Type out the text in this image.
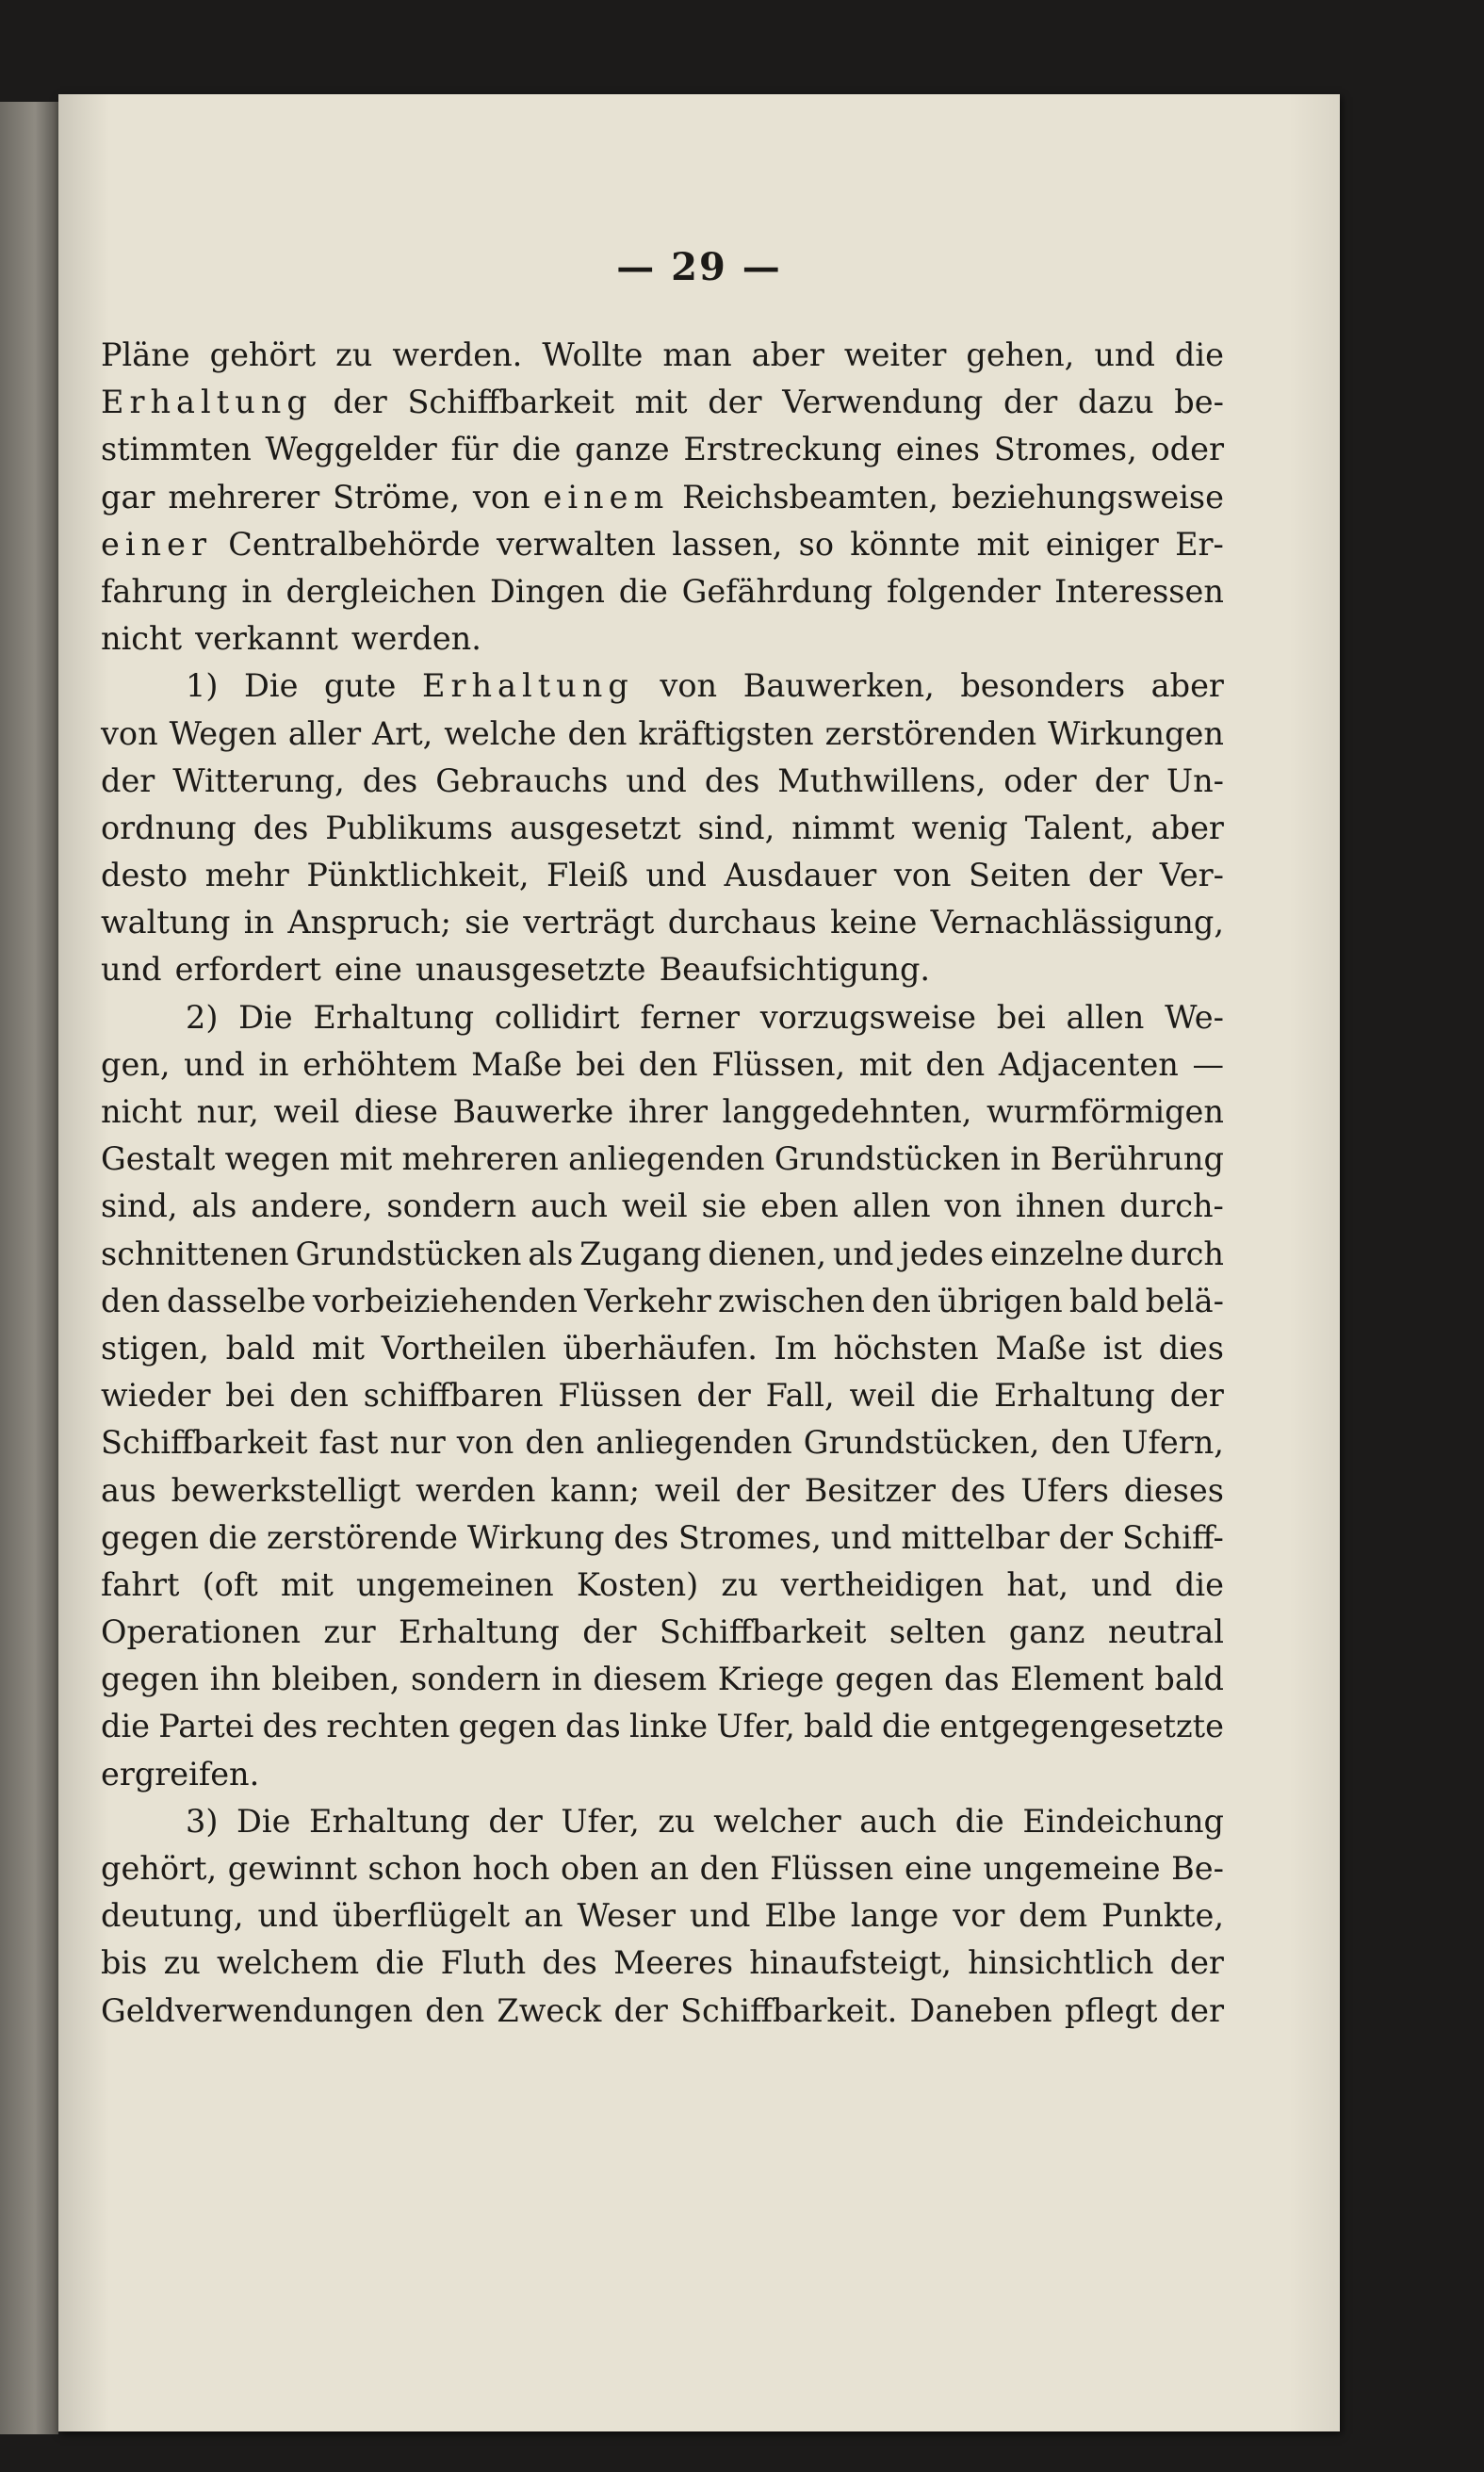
— 29 —
Pläne gehört zu werden. Wollte man aber weiter gehen, und die
Erhaltung der Schiffbarkeit mit der Verwendung der dazu be-
stimmten Weggelder für die ganze Erstreckung eines Stromes, oder
gar mehrerer Ströme, von einem Reichsbeamten, beziehungsweise
einer Centralbehörde verwalten lassen, so könnte mit einiger Er-
fahrung in dergleichen Dingen die Gefährdung folgender Interessen
nicht verkannt werden.
1) Die gute Erhaltung von Bauwerken, besonders aber
von Wegen aller Art, welche den kräftigsten zerstörenden Wirkungen
der Witterung, des Gebrauchs und des Muthwillens, oder der Un-
ordnung des Publikums ausgesetzt sind, nimmt wenig Talent, aber
desto mehr Pünktlichkeit, Fleiß und Ausdauer von Seiten der Ver-
waltung in Anspruch; sie verträgt durchaus keine Vernachlässigung,
und erfordert eine unausgesetzte Beaufsichtigung.
2) Die Erhaltung collidirt ferner vorzugsweise bei allen We-
gen, und in erhöhtem Maße bei den Flüssen, mit den Adjacenten —
nicht nur, weil diese Bauwerke ihrer langgedehnten, wurmförmigen
Gestalt wegen mit mehreren anliegenden Grundstücken in Berührung
sind, als andere, sondern auch weil sie eben allen von ihnen durch-
schnittenen Grundstücken als Zugang dienen, und jedes einzelne durch
den dasselbe vorbeiziehenden Verkehr zwischen den übrigen bald belä-
stigen, bald mit Vortheilen überhäufen. Im höchsten Maße ist dies
wieder bei den schiffbaren Flüssen der Fall, weil die Erhaltung der
Schiffbarkeit fast nur von den anliegenden Grundstücken, den Ufern,
aus bewerkstelligt werden kann; weil der Besitzer des Ufers dieses
gegen die zerstörende Wirkung des Stromes, und mittelbar der Schiff-
fahrt (oft mit ungemeinen Kosten) zu vertheidigen hat, und die
Operationen zur Erhaltung der Schiffbarkeit selten ganz neutral
gegen ihn bleiben, sondern in diesem Kriege gegen das Element bald
die Partei des rechten gegen das linke Ufer, bald die entgegengesetzte
ergreifen.
3) Die Erhaltung der Ufer, zu welcher auch die Eindeichung
gehört, gewinnt schon hoch oben an den Flüssen eine ungemeine Be-
deutung, und überflügelt an Weser und Elbe lange vor dem Punkte,
bis zu welchem die Fluth des Meeres hinaufsteigt, hinsichtlich der
Geldverwendungen den Zweck der Schiffbarkeit. Daneben pflegt der
